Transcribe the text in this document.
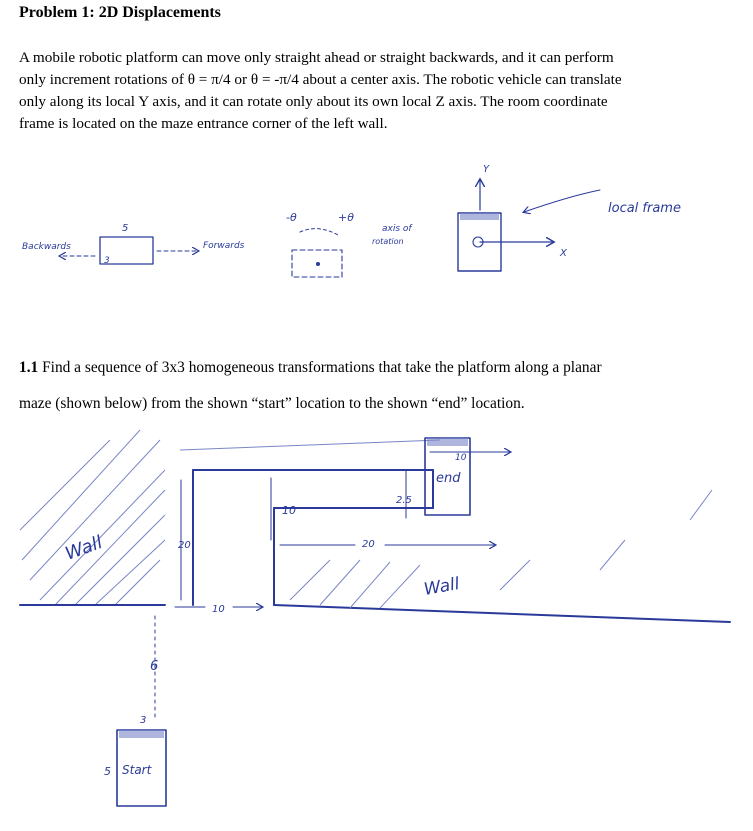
Problem 1: 2D Displacements
A mobile robotic platform can move only straight ahead or straight backwards, and it can perform
only increment rotations of θ = π/4 or θ = -π/4 about a center axis. The robotic vehicle can translate
only along its local Y axis, and it can rotate only about its own local Z axis. The room coordinate
frame is located on the maze entrance corner of the left wall.
1.1 Find a sequence of 3x3 homogeneous transformations that take the platform along a planar
maze (shown below) from the shown “start” location to the shown “end” location.
Backwards
5
3
Forwards
-θ	+θ
axis of
rotation
Y
X
local frame
Wall
Wall
20
10
10
20
2.5
10
end
6
3
Start
5
